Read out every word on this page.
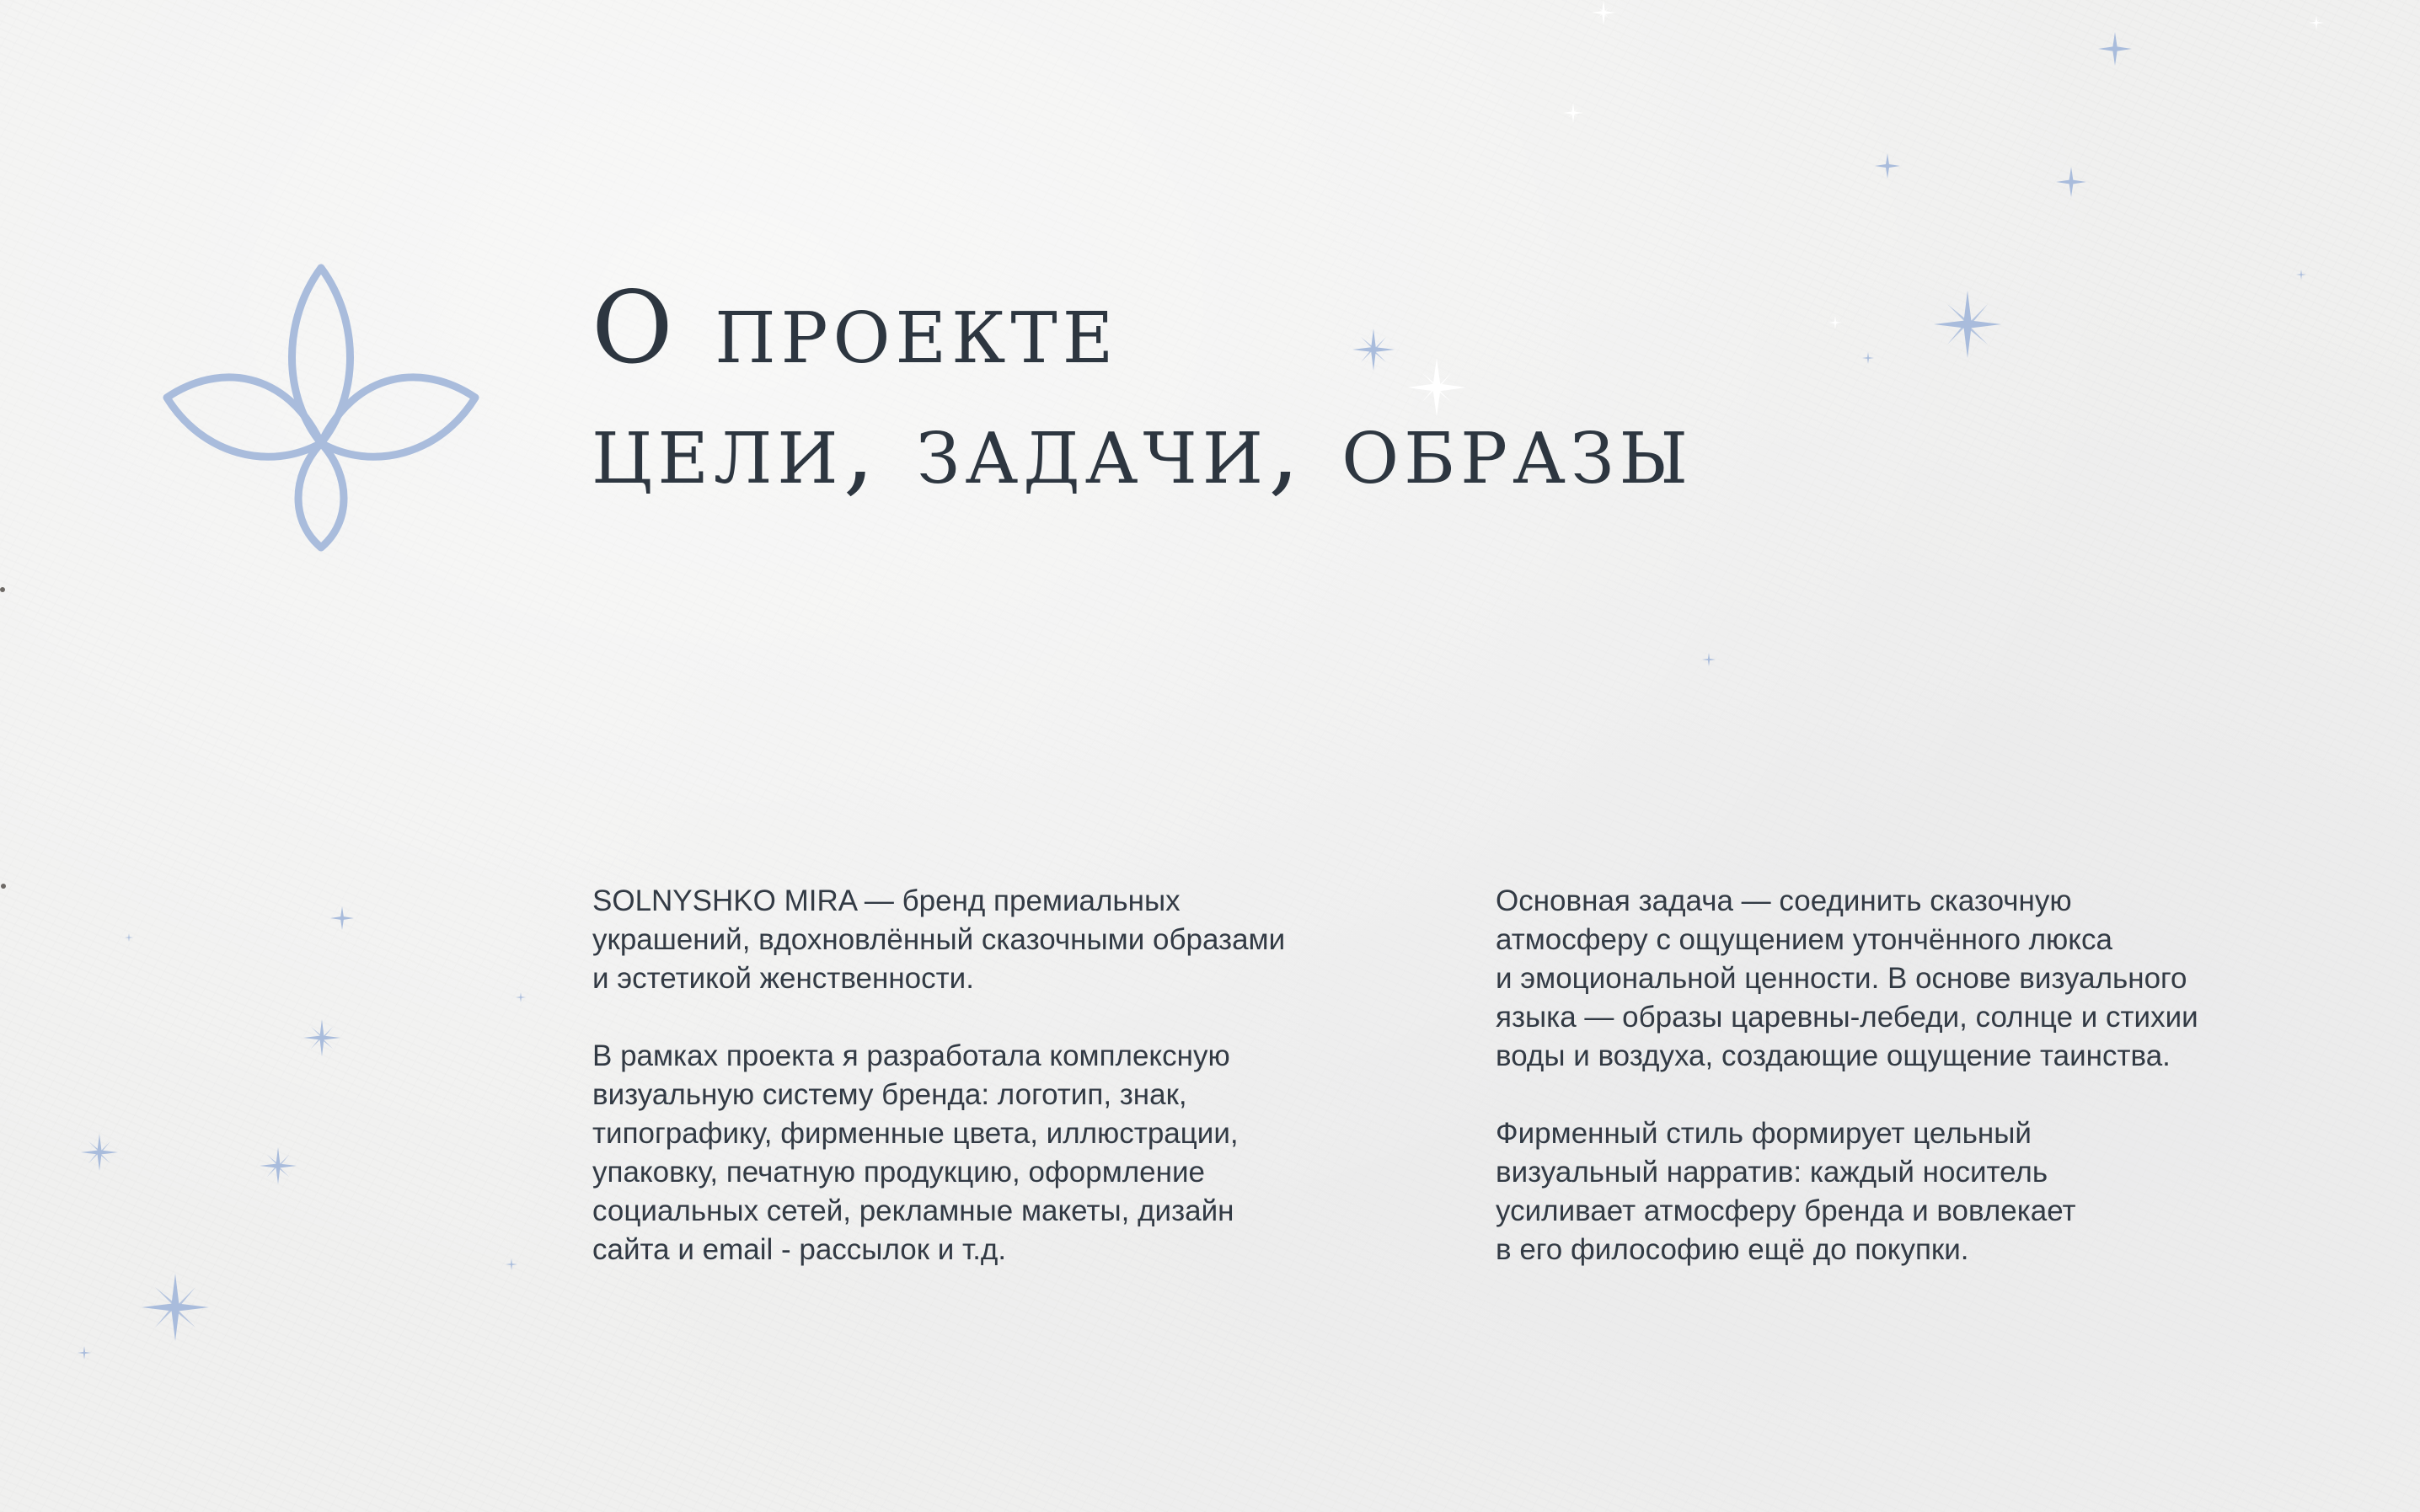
О проекте
цели, задачи, образы

SOLNYSHKO MIRA — бренд премиальных
украшений, вдохновлённый сказочными образами
и эстетикой женственности.

В рамках проекта я разработала комплексную
визуальную систему бренда: логотип, знак,
типографику, фирменные цвета, иллюстрации,
упаковку, печатную продукцию, оформление
социальных сетей, рекламные макеты, дизайн
сайта и email - рассылок и т.д.

Основная задача — соединить сказочную
атмосферу с ощущением утончённого люкса
и эмоциональной ценности. В основе визуального
языка — образы царевны-лебеди, солнце и стихии
воды и воздуха, создающие ощущение таинства.

Фирменный стиль формирует цельный
визуальный нарратив: каждый носитель
усиливает атмосферу бренда и вовлекает
в его философию ещё до покупки.
